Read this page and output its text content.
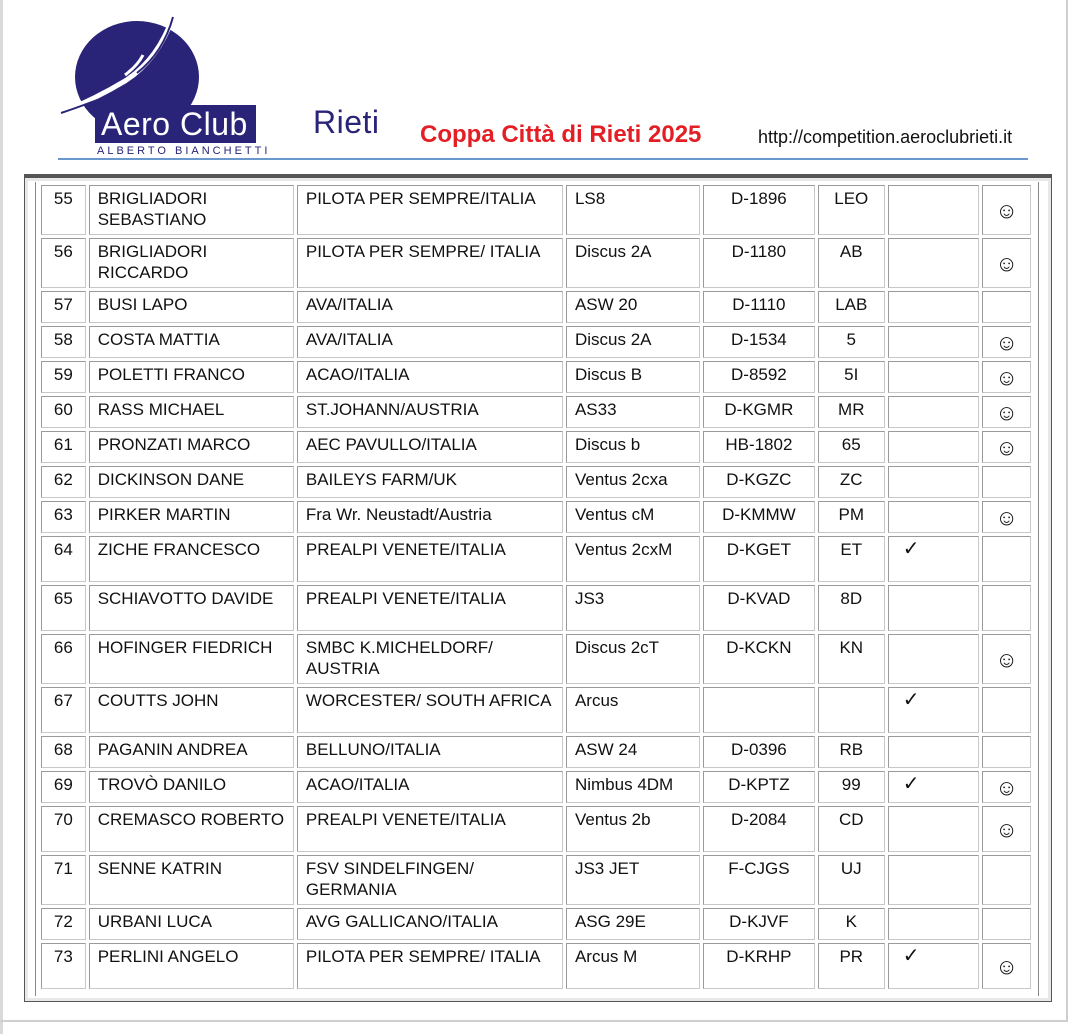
Aero Club Rieti
ALBERTO BIANCHETTI
Coppa Città di Rieti 2025	http://competition.aeroclubrieti.it
55	BRIGLIADORI SEBASTIANO	PILOTA PER SEMPRE/ITALIA	LS8	D-1896	LEO		☺
56	BRIGLIADORI RICCARDO	PILOTA PER SEMPRE/ ITALIA	Discus 2A	D-1180	AB		☺
57	BUSI LAPO	AVA/ITALIA	ASW 20	D-1110	LAB		
58	COSTA MATTIA	AVA/ITALIA	Discus 2A	D-1534	5		☺
59	POLETTI FRANCO	ACAO/ITALIA	Discus B	D-8592	5I		☺
60	RASS MICHAEL	ST.JOHANN/AUSTRIA	AS33	D-KGMR	MR		☺
61	PRONZATI MARCO	AEC PAVULLO/ITALIA	Discus b	HB-1802	65		☺
62	DICKINSON DANE	BAILEYS FARM/UK	Ventus 2cxa	D-KGZC	ZC		
63	PIRKER MARTIN	Fra Wr. Neustadt/Austria	Ventus cM	D-KMMW	PM		☺
64	ZICHE FRANCESCO	PREALPI VENETE/ITALIA	Ventus 2cxM	D-KGET	ET	✓	
65	SCHIAVOTTO DAVIDE	PREALPI VENETE/ITALIA	JS3	D-KVAD	8D		
66	HOFINGER FIEDRICH	SMBC K.MICHELDORF/ AUSTRIA	Discus 2cT	D-KCKN	KN		☺
67	COUTTS JOHN	WORCESTER/ SOUTH AFRICA	Arcus			✓	
68	PAGANIN ANDREA	BELLUNO/ITALIA	ASW 24	D-0396	RB		
69	TROVÒ DANILO	ACAO/ITALIA	Nimbus 4DM	D-KPTZ	99	✓	☺
70	CREMASCO ROBERTO	PREALPI VENETE/ITALIA	Ventus 2b	D-2084	CD		☺
71	SENNE KATRIN	FSV SINDELFINGEN/ GERMANIA	JS3 JET	F-CJGS	UJ		
72	URBANI LUCA	AVG GALLICANO/ITALIA	ASG 29E	D-KJVF	K		
73	PERLINI ANGELO	PILOTA PER SEMPRE/ ITALIA	Arcus M	D-KRHP	PR	✓	☺
